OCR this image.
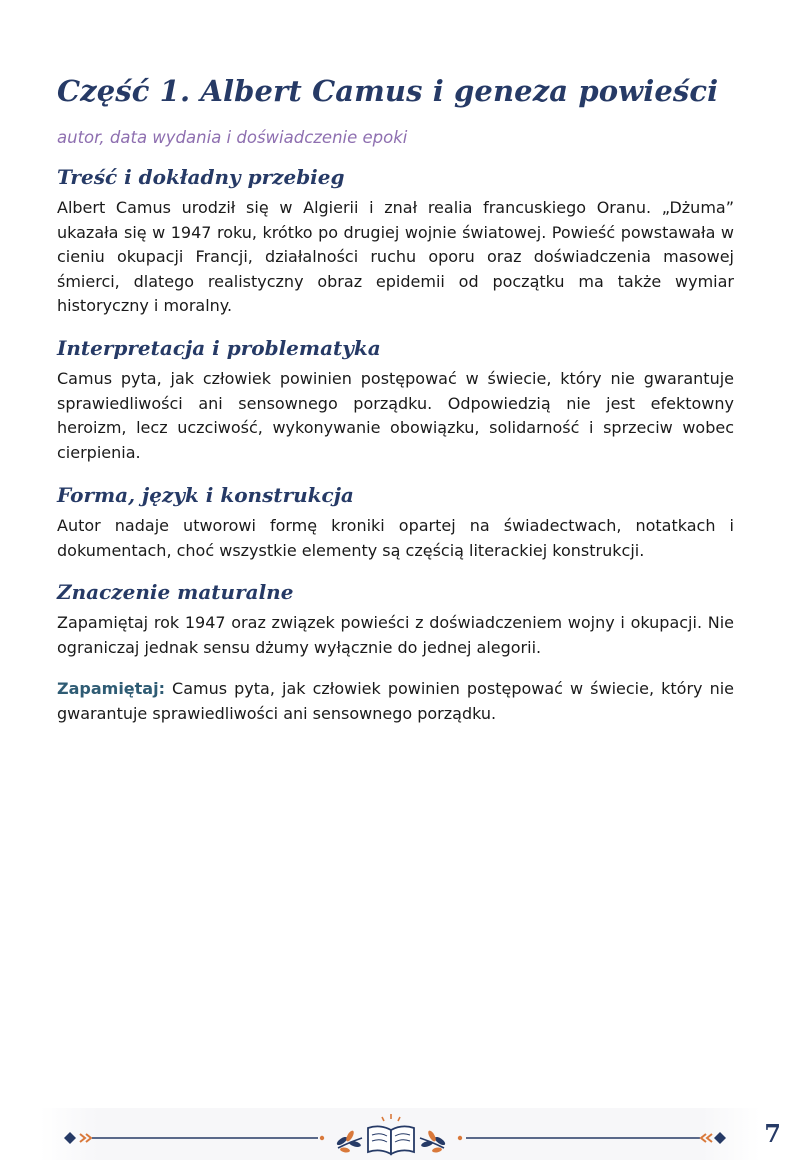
Część 1. Albert Camus i geneza powieści
autor, data wydania i doświadczenie epoki
Treść i dokładny przebieg

Albert Camus urodził się w Algierii i znał realia francuskiego Oranu. „Dżuma” ukazała się w 1947 roku, krótko po drugiej wojnie światowej. Powieść powstawała w cieniu okupacji Francji, działalności ruchu oporu oraz doświadczenia masowej śmierci, dlatego realistyczny obraz epidemii od początku ma także wymiar historyczny i moralny.

Interpretacja i problematyka

Camus pyta, jak człowiek powinien postępować w świecie, który nie gwarantuje sprawiedliwości ani sensownego porządku. Odpowiedzią nie jest efektowny heroizm, lecz uczciwość, wykonywanie obowiązku, solidarność i sprzeciw wobec cierpienia.

Forma, język i konstrukcja

Autor nadaje utworowi formę kroniki opartej na świadectwach, notatkach i dokumentach, choć wszystkie elementy są częścią literackiej konstrukcji.

Znaczenie maturalne

Zapamiętaj rok 1947 oraz związek powieści z doświadczeniem wojny i okupacji. Nie ograniczaj jednak sensu dżumy wyłącznie do jednej alegorii.

Zapamiętaj: Camus pyta, jak człowiek powinien postępować w świecie, który nie gwarantuje sprawiedliwości ani sensownego porządku.

7
